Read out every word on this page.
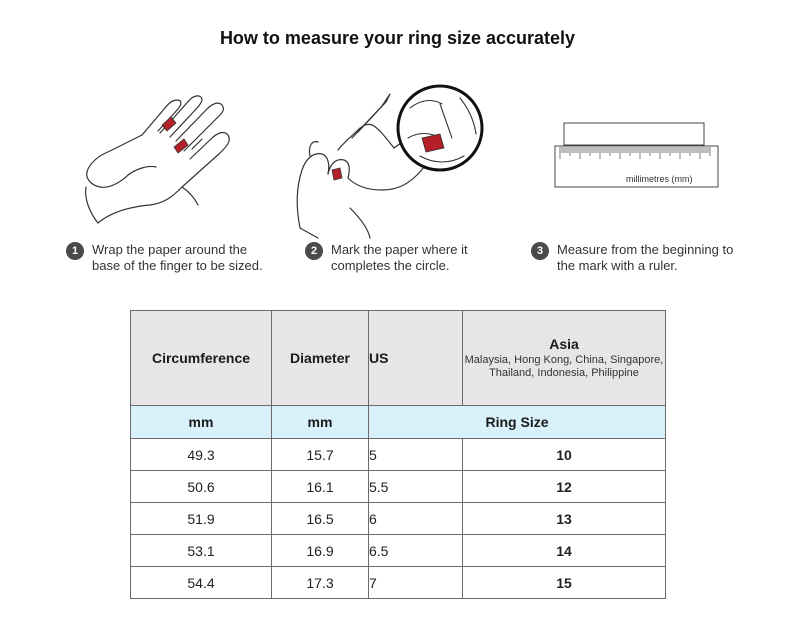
How to measure your ring size accurately
millimetres (mm)
1	Wrap the paper around the base of the finger to be sized.
2	Mark the paper where it completes the circle.
3	Measure from the beginning to the mark with a ruler.
Circumference	Diameter	US	Asia
Malaysia, Hong Kong, China, Singapore, Thailand, Indonesia, Philippine

mm	mm	Ring Size	
49.3	15.7	5	10
50.6	16.1	5.5	12
51.9	16.5	6	13
53.1	16.9	6.5	14
54.4	17.3	7	15
